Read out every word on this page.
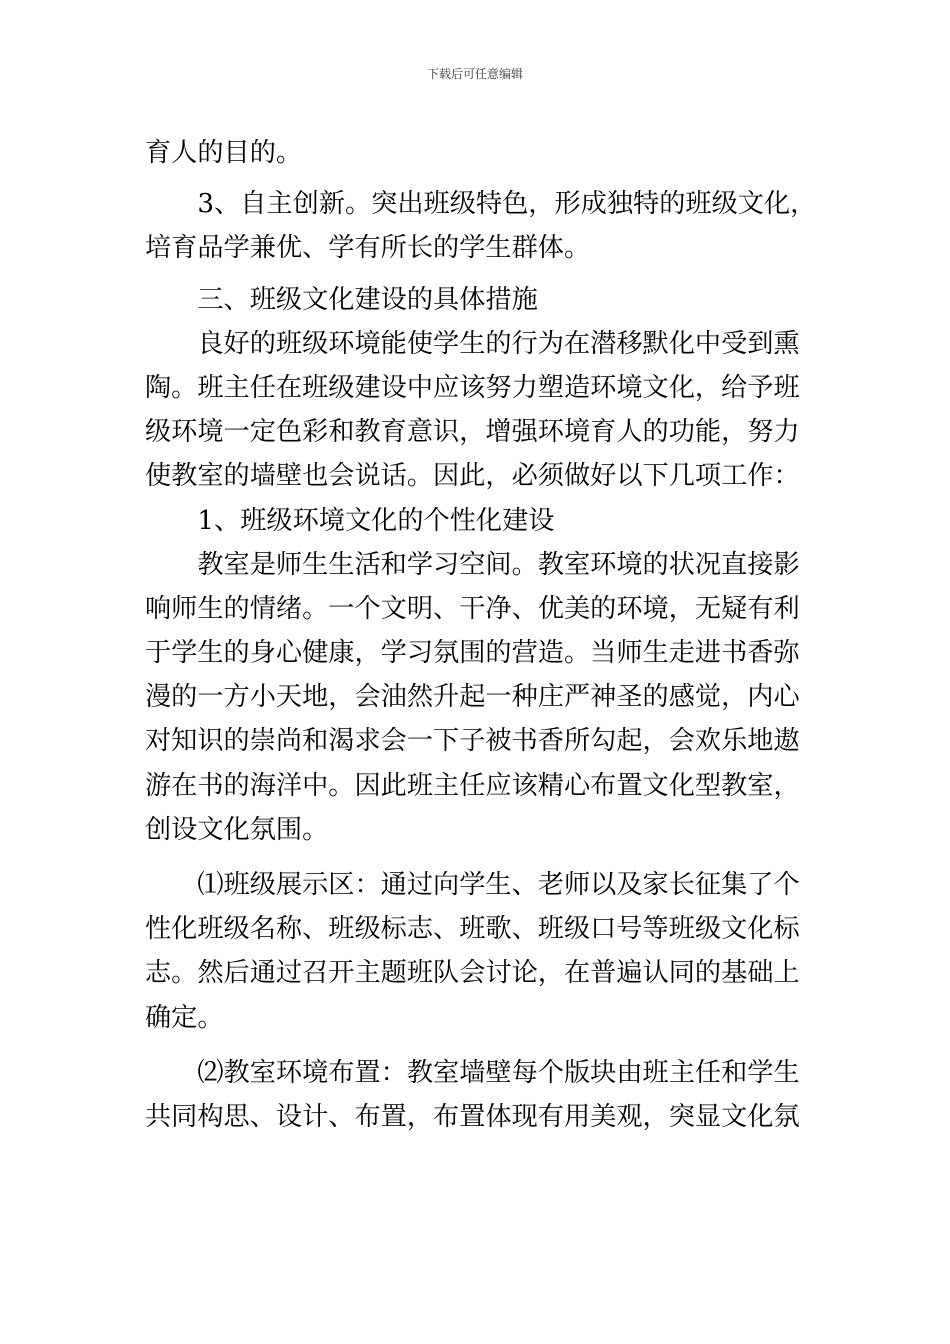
下载后可任意编辑
育人的目的。
　　3、自主创新。突出班级特色，形成独特的班级文化，
培育品学兼优、学有所长的学生群体。
　　三、班级文化建设的具体措施
　　良好的班级环境能使学生的行为在潜移默化中受到熏
陶。班主任在班级建设中应该努力塑造环境文化，给予班
级环境一定色彩和教育意识，增强环境育人的功能，努力
使教室的墙壁也会说话。因此，必须做好以下几项工作：
　　1、班级环境文化的个性化建设
　　教室是师生生活和学习空间。教室环境的状况直接影
响师生的情绪。一个文明、干净、优美的环境，无疑有利
于学生的身心健康，学习氛围的营造。当师生走进书香弥
漫的一方小天地，会油然升起一种庄严神圣的感觉，内心
对知识的崇尚和渴求会一下子被书香所勾起，会欢乐地遨
游在书的海洋中。因此班主任应该精心布置文化型教室，
创设文化氛围。
　　⑴班级展示区：通过向学生、老师以及家长征集了个
性化班级名称、班级标志、班歌、班级口号等班级文化标
志。然后通过召开主题班队会讨论，在普遍认同的基础上
确定。
　　⑵教室环境布置：教室墙壁每个版块由班主任和学生
共同构思、设计、布置，布置体现有用美观，突显文化氛
